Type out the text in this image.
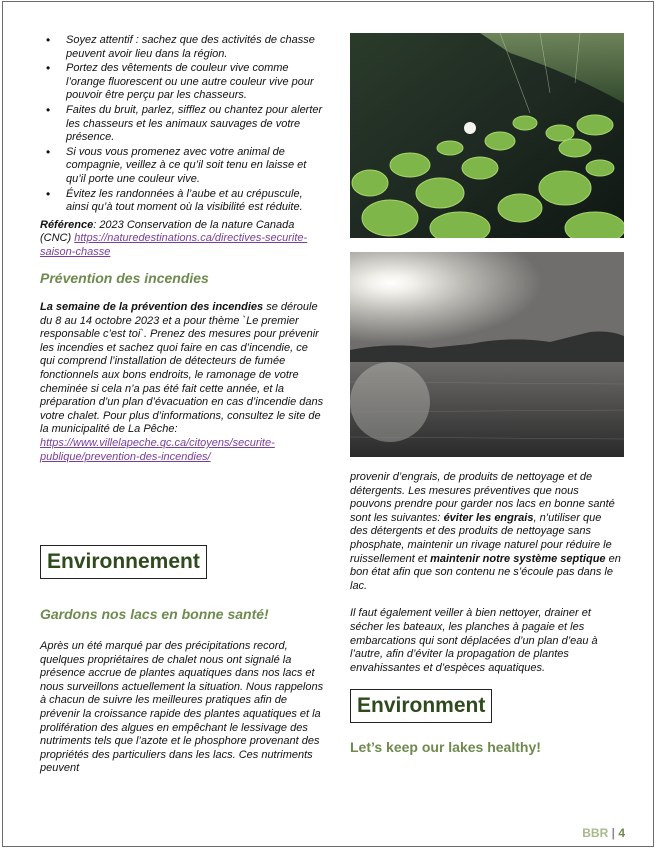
• Soyez attentif : sachez que des activités de chasse peuvent avoir lieu dans la région.
• Portez des vêtements de couleur vive comme l’orange fluorescent ou une autre couleur vive pour pouvoir être perçu par les chasseurs.
• Faites du bruit, parlez, sifflez ou chantez pour alerter les chasseurs et les animaux sauvages de votre présence.
• Si vous vous promenez avec votre animal de compagnie, veillez à ce qu’il soit tenu en laisse et qu’il porte une couleur vive.
• Évitez les randonnées à l’aube et au crépuscule, ainsi qu’à tout moment où la visibilité est réduite.

Référence: 2023 Conservation de la nature Canada (CNC) https://naturedestinations.ca/directives-securite-saison-chasse

Prévention des incendies

La semaine de la prévention des incendies se déroule du 8 au 14 octobre 2023 et a pour thème `Le premier responsable c’est toi`. Prenez des mesures pour prévenir les incendies et sachez quoi faire en cas d’incendie, ce qui comprend l’installation de détecteurs de fumée fonctionnels aux bons endroits, le ramonage de votre cheminée si cela n’a pas été fait cette année, et la préparation d’un plan d’évacuation en cas d’incendie dans votre chalet. Pour plus d’informations, consultez le site de la municipalité de La Pêche: https://www.villelapeche.qc.ca/citoyens/securite-publique/prevention-des-incendies/

Environnement
Gardons nos lacs en bonne santé!

Après un été marqué par des précipitations record, quelques propriétaires de chalet nous ont signalé la présence accrue de plantes aquatiques dans nos lacs et nous surveillons actuellement la situation. Nous rappelons à chacun de suivre les meilleures pratiques afin de prévenir la croissance rapide des plantes aquatiques et la prolifération des algues en empêchant le lessivage des nutriments tels que l’azote et le phosphore provenant des propriétés des particuliers dans les lacs. Ces nutriments peuvent

provenir d’engrais, de produits de nettoyage et de détergents. Les mesures préventives que nous pouvons prendre pour garder nos lacs en bonne santé sont les suivantes: éviter les engrais, n’utiliser que des détergents et des produits de nettoyage sans phosphate, maintenir un rivage naturel pour réduire le ruissellement et maintenir notre système septique en bon état afin que son contenu ne s’écoule pas dans le lac.

Il faut également veiller à bien nettoyer, drainer et sécher les bateaux, les planches à pagaie et les embarcations qui sont déplacées d’un plan d’eau à l’autre, afin d’éviter la propagation de plantes envahissantes et d’espèces aquatiques.

Environment
Let’s keep our lakes healthy!
BBR | 4
